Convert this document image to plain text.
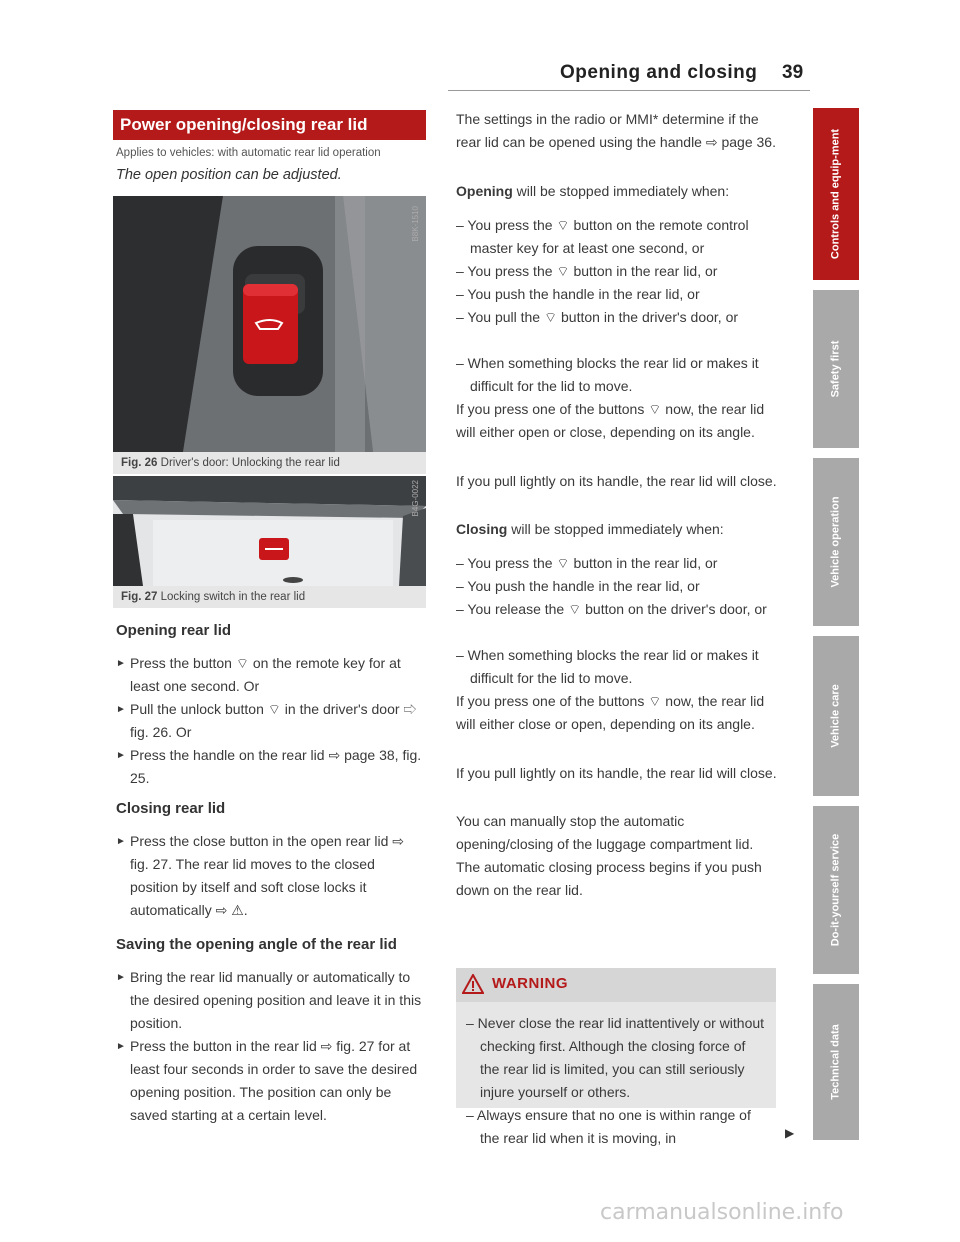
Opening and closing 39
Power opening/closing rear lid
Applies to vehicles: with automatic rear lid operation
The open position can be adjusted.
B8K-1510
Fig. 26 Driver's door: Unlocking the rear lid
B4G-0022
Fig. 27 Locking switch in the rear lid
Opening rear lid
► Press the button ⌔ on the remote key for at least one second. Or
► Pull the unlock button ⌔ in the driver's door ⇨ fig. 26. Or
► Press the handle on the rear lid ⇨ page 38, fig. 25.
Closing rear lid
► Press the close button in the open rear lid ⇨ fig. 27. The rear lid moves to the closed position by itself and soft close locks it automatically ⇨ ⚠.
Saving the opening angle of the rear lid
► Bring the rear lid manually or automatically to the desired opening position and leave it in this position.
► Press the button in the rear lid ⇨ fig. 27 for at least four seconds in order to save the desired opening position. The position can only be saved starting at a certain level.
The settings in the radio or MMI* determine if the rear lid can be opened using the handle ⇨ page 36.
Opening will be stopped immediately when:
– You press the ⌔ button on the remote control master key for at least one second, or
– You press the ⌔ button in the rear lid, or
– You push the handle in the rear lid, or
– You pull the ⌔ button in the driver's door, or
– When something blocks the rear lid or makes it difficult for the lid to move.
If you press one of the buttons ⌔ now, the rear lid will either open or close, depending on its angle.
If you pull lightly on its handle, the rear lid will close.
Closing will be stopped immediately when:
– You press the ⌔ button in the rear lid, or
– You push the handle in the rear lid, or
– You release the ⌔ button on the driver's door, or
– When something blocks the rear lid or makes it difficult for the lid to move.
If you press one of the buttons ⌔ now, the rear lid will either close or open, depending on its angle.
If you pull lightly on its handle, the rear lid will close.
You can manually stop the automatic opening/closing of the luggage compartment lid. The automatic closing process begins if you push down on the rear lid.
WARNING
– Never close the rear lid inattentively or without checking first. Although the closing force of the rear lid is limited, you can still seriously injure yourself or others.
– Always ensure that no one is within range of the rear lid when it is moving, in	▶
Controls and equip-ment
Safety first
Vehicle operation
Vehicle care
Do-it-yourself service
Technical data
carmanualsonline.info
